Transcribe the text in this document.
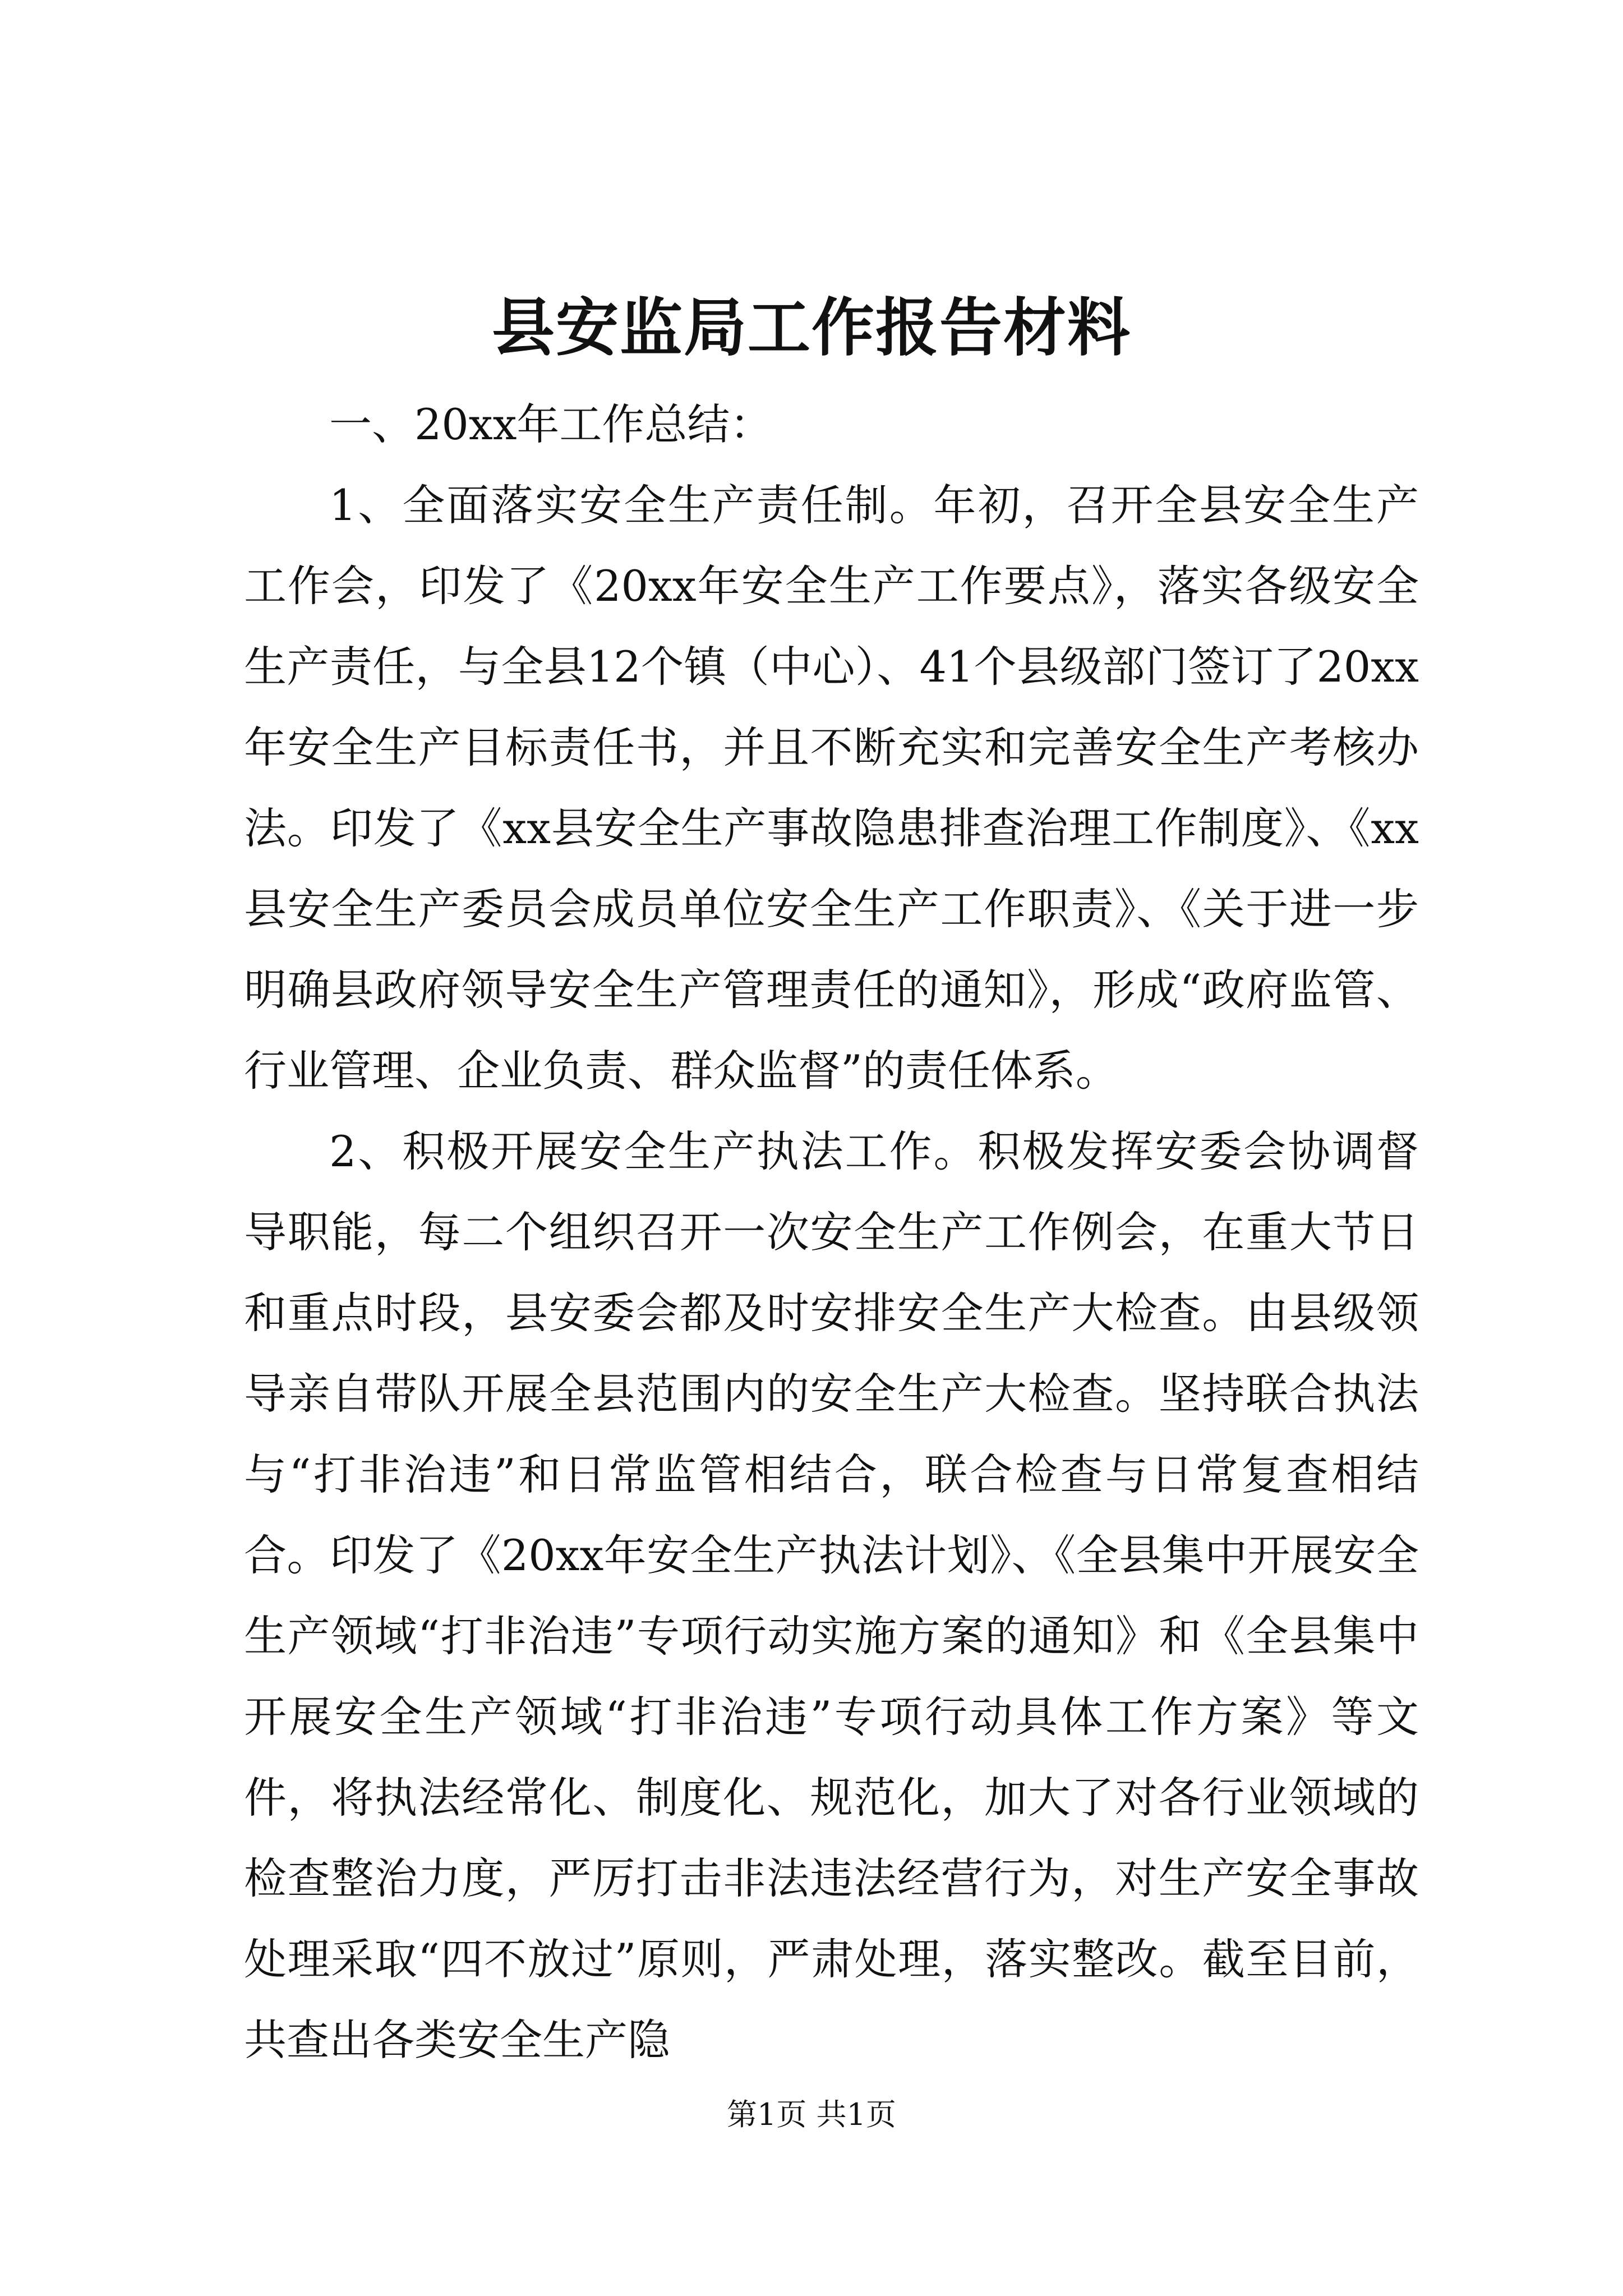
县安监局工作报告材料

一、20xx年工作总结：

1、全面落实安全生产责任制。年初，召开全县安全生产工作会，印发了《20xx年安全生产工作要点》，落实各级安全生产责任，与全县12个镇（中心）、41个县级部门签订了20xx年安全生产目标责任书，并且不断充实和完善安全生产考核办法。印发了《xx县安全生产事故隐患排查治理工作制度》、《xx县安全生产委员会成员单位安全生产工作职责》、《关于进一步明确县政府领导安全生产管理责任的通知》，形成“政府监管、行业管理、企业负责、群众监督”的责任体系。

2、积极开展安全生产执法工作。积极发挥安委会协调督导职能，每二个组织召开一次安全生产工作例会，在重大节日和重点时段，县安委会都及时安排安全生产大检查。由县级领导亲自带队开展全县范围内的安全生产大检查。坚持联合执法与“打非治违”和日常监管相结合，联合检查与日常复查相结合。印发了《20xx年安全生产执法计划》、《全县集中开展安全生产领域“打非治违”专项行动实施方案的通知》和《全县集中开展安全生产领域“打非治违”专项行动具体工作方案》等文件，将执法经常化、制度化、规范化，加大了对各行业领域的检查整治力度，严厉打击非法违法经营行为，对生产安全事故处理采取“四不放过”原则，严肃处理，落实整改。截至目前，共查出各类安全生产隐

第1页 共1页
